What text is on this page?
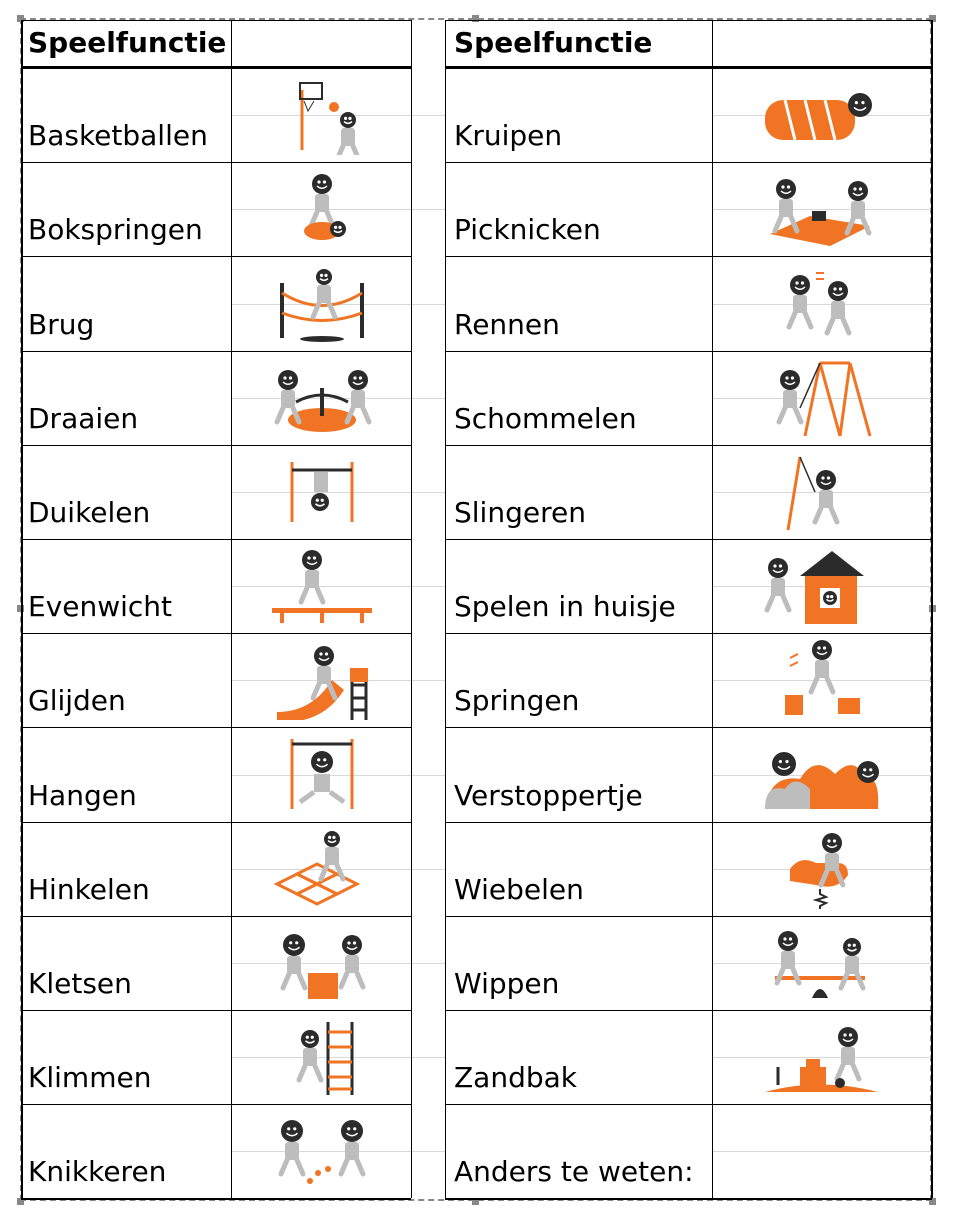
Speelfunctie	Speelfunctie
Basketballen
Bokspringen
Brug
Draaien
Duikelen
Evenwicht
Glijden
Hangen
Hinkelen
Kletsen
Klimmen
Knikkeren
Kruipen
Picknicken
Rennen
Schommelen
Slingeren
Spelen in huisje
Springen
Verstoppertje
Wiebelen
Wippen
Zandbak
Anders te weten:
